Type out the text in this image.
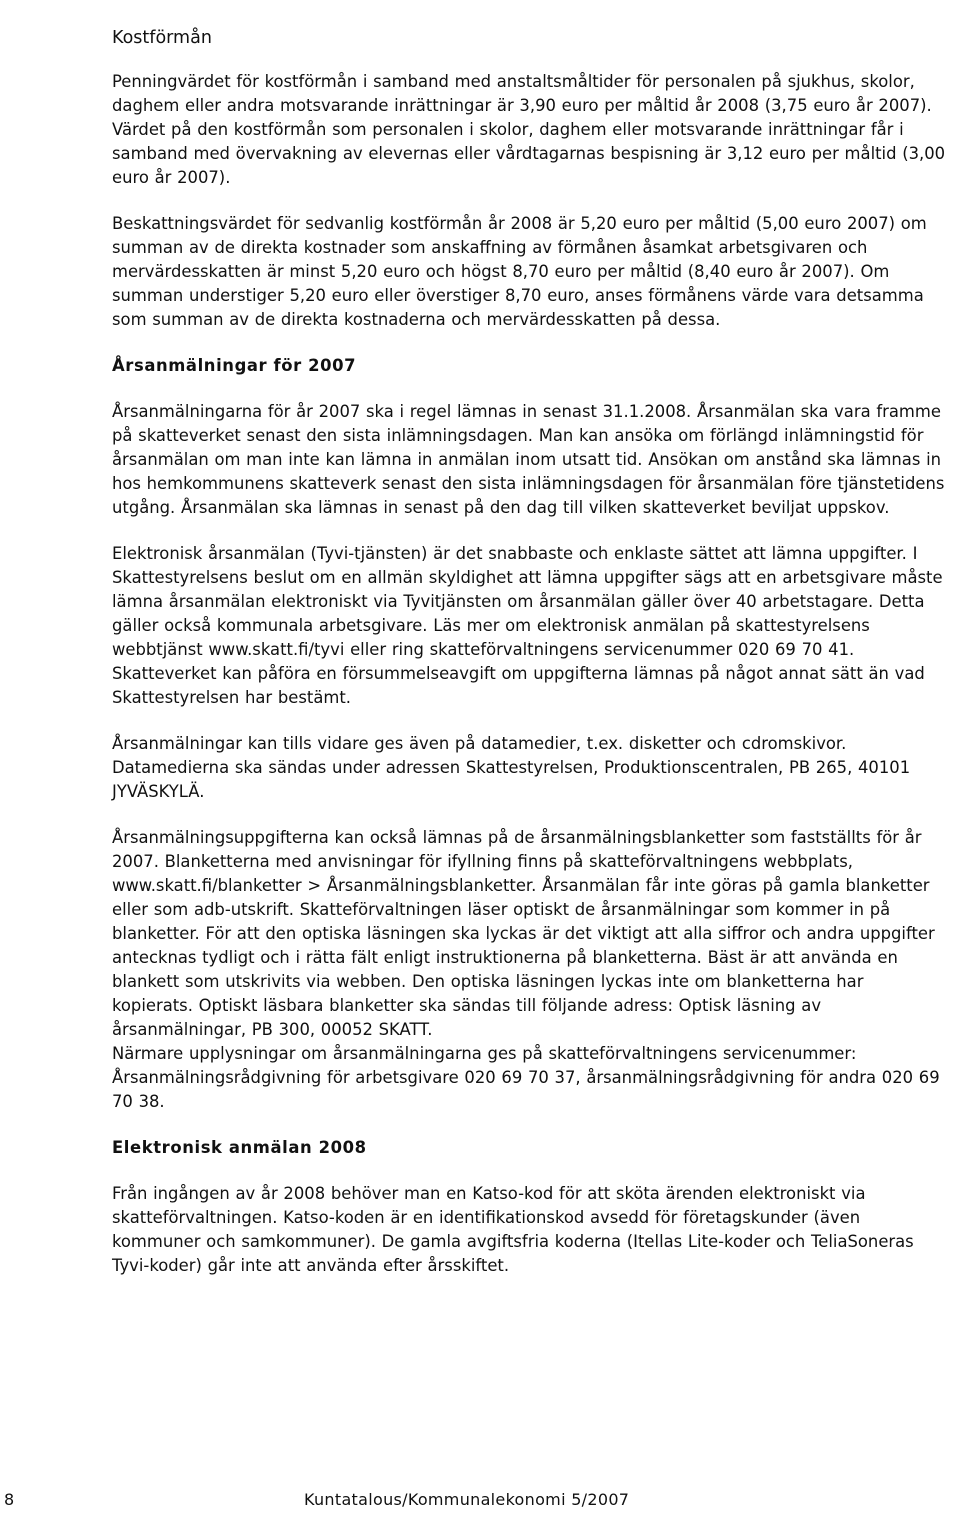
Kostförmån

Penningvärdet för kostförmån i samband med anstaltsmåltider för personalen på sjukhus, skolor, daghem eller andra motsvarande inrättningar är 3,90 euro per måltid år 2008 (3,75 euro år 2007). Värdet på den kostförmån som personalen i skolor, daghem eller motsvarande inrättningar får i samband med övervakning av elevernas eller vårdtagarnas bespisning är 3,12 euro per måltid (3,00 euro år 2007).

Beskattningsvärdet för sedvanlig kostförmån år 2008 är 5,20 euro per måltid (5,00 euro 2007) om summan av de direkta kostnader som anskaffning av förmånen åsamkat arbetsgivaren och mervärdesskatten är minst 5,20 euro och högst 8,70 euro per måltid (8,40 euro år 2007). Om summan understiger 5,20 euro eller överstiger 8,70 euro, anses förmånens värde vara detsamma som summan av de direkta kostnaderna och mervärdesskatten på dessa.

Årsanmälningar för 2007

Årsanmälningarna för år 2007 ska i regel lämnas in senast 31.1.2008. Årsanmälan ska vara framme på skatteverket senast den sista inlämningsdagen. Man kan ansöka om förlängd inlämningstid för årsanmälan om man inte kan lämna in anmälan inom utsatt tid. Ansökan om anstånd ska lämnas in hos hemkommunens skatteverk senast den sista inlämningsdagen för årsanmälan före tjänstetidens utgång. Årsanmälan ska lämnas in senast på den dag till vilken skatteverket beviljat uppskov.

Elektronisk årsanmälan (Tyvi-tjänsten) är det snabbaste och enklaste sättet att lämna uppgifter. I Skattestyrelsens beslut om en allmän skyldighet att lämna uppgifter sägs att en arbetsgivare måste lämna årsanmälan elektroniskt via Tyvitjänsten om årsanmälan gäller över 40 arbetstagare. Detta gäller också kommunala arbetsgivare. Läs mer om elektronisk anmälan på skattestyrelsens webbtjänst www.skatt.fi/tyvi eller ring skatteförvaltningens servicenummer 020 69 70 41. Skatteverket kan påföra en försummelseavgift om uppgifterna lämnas på något annat sätt än vad Skattestyrelsen har bestämt.

Årsanmälningar kan tills vidare ges även på datamedier, t.ex. disketter och cdromskivor. Datamedierna ska sändas under adressen Skattestyrelsen, Produktionscentralen, PB 265, 40101 JYVÄSKYLÄ.

Årsanmälningsuppgifterna kan också lämnas på de årsanmälningsblanketter som fastställts för år 2007. Blanketterna med anvisningar för ifyllning finns på skatteförvaltningens webbplats, www.skatt.fi/blanketter > Årsanmälningsblanketter. Årsanmälan får inte göras på gamla blanketter eller som adb-utskrift. Skatteförvaltningen läser optiskt de årsanmälningar som kommer in på blanketter. För att den optiska läsningen ska lyckas är det viktigt att alla siffror och andra uppgifter antecknas tydligt och i rätta fält enligt instruktionerna på blanketterna. Bäst är att använda en blankett som utskrivits via webben. Den optiska läsningen lyckas inte om blanketterna har kopierats. Optiskt läsbara blanketter ska sändas till följande adress: Optisk läsning av årsanmälningar, PB 300, 00052 SKATT.

Närmare upplysningar om årsanmälningarna ges på skatteförvaltningens servicenummer: Årsanmälningsrådgivning för arbetsgivare 020 69 70 37, årsanmälningsrådgivning för andra 020 69 70 38.

Elektronisk anmälan 2008

Från ingången av år 2008 behöver man en Katso-kod för att sköta ärenden elektroniskt via skatteförvaltningen. Katso-koden är en identifikationskod avsedd för företagskunder (även kommuner och samkommuner). De gamla avgiftsfria koderna (Itellas Lite-koder och TeliaSoneras Tyvi-koder) går inte att använda efter årsskiftet.

8	Kuntatalous/Kommunalekonomi 5/2007
